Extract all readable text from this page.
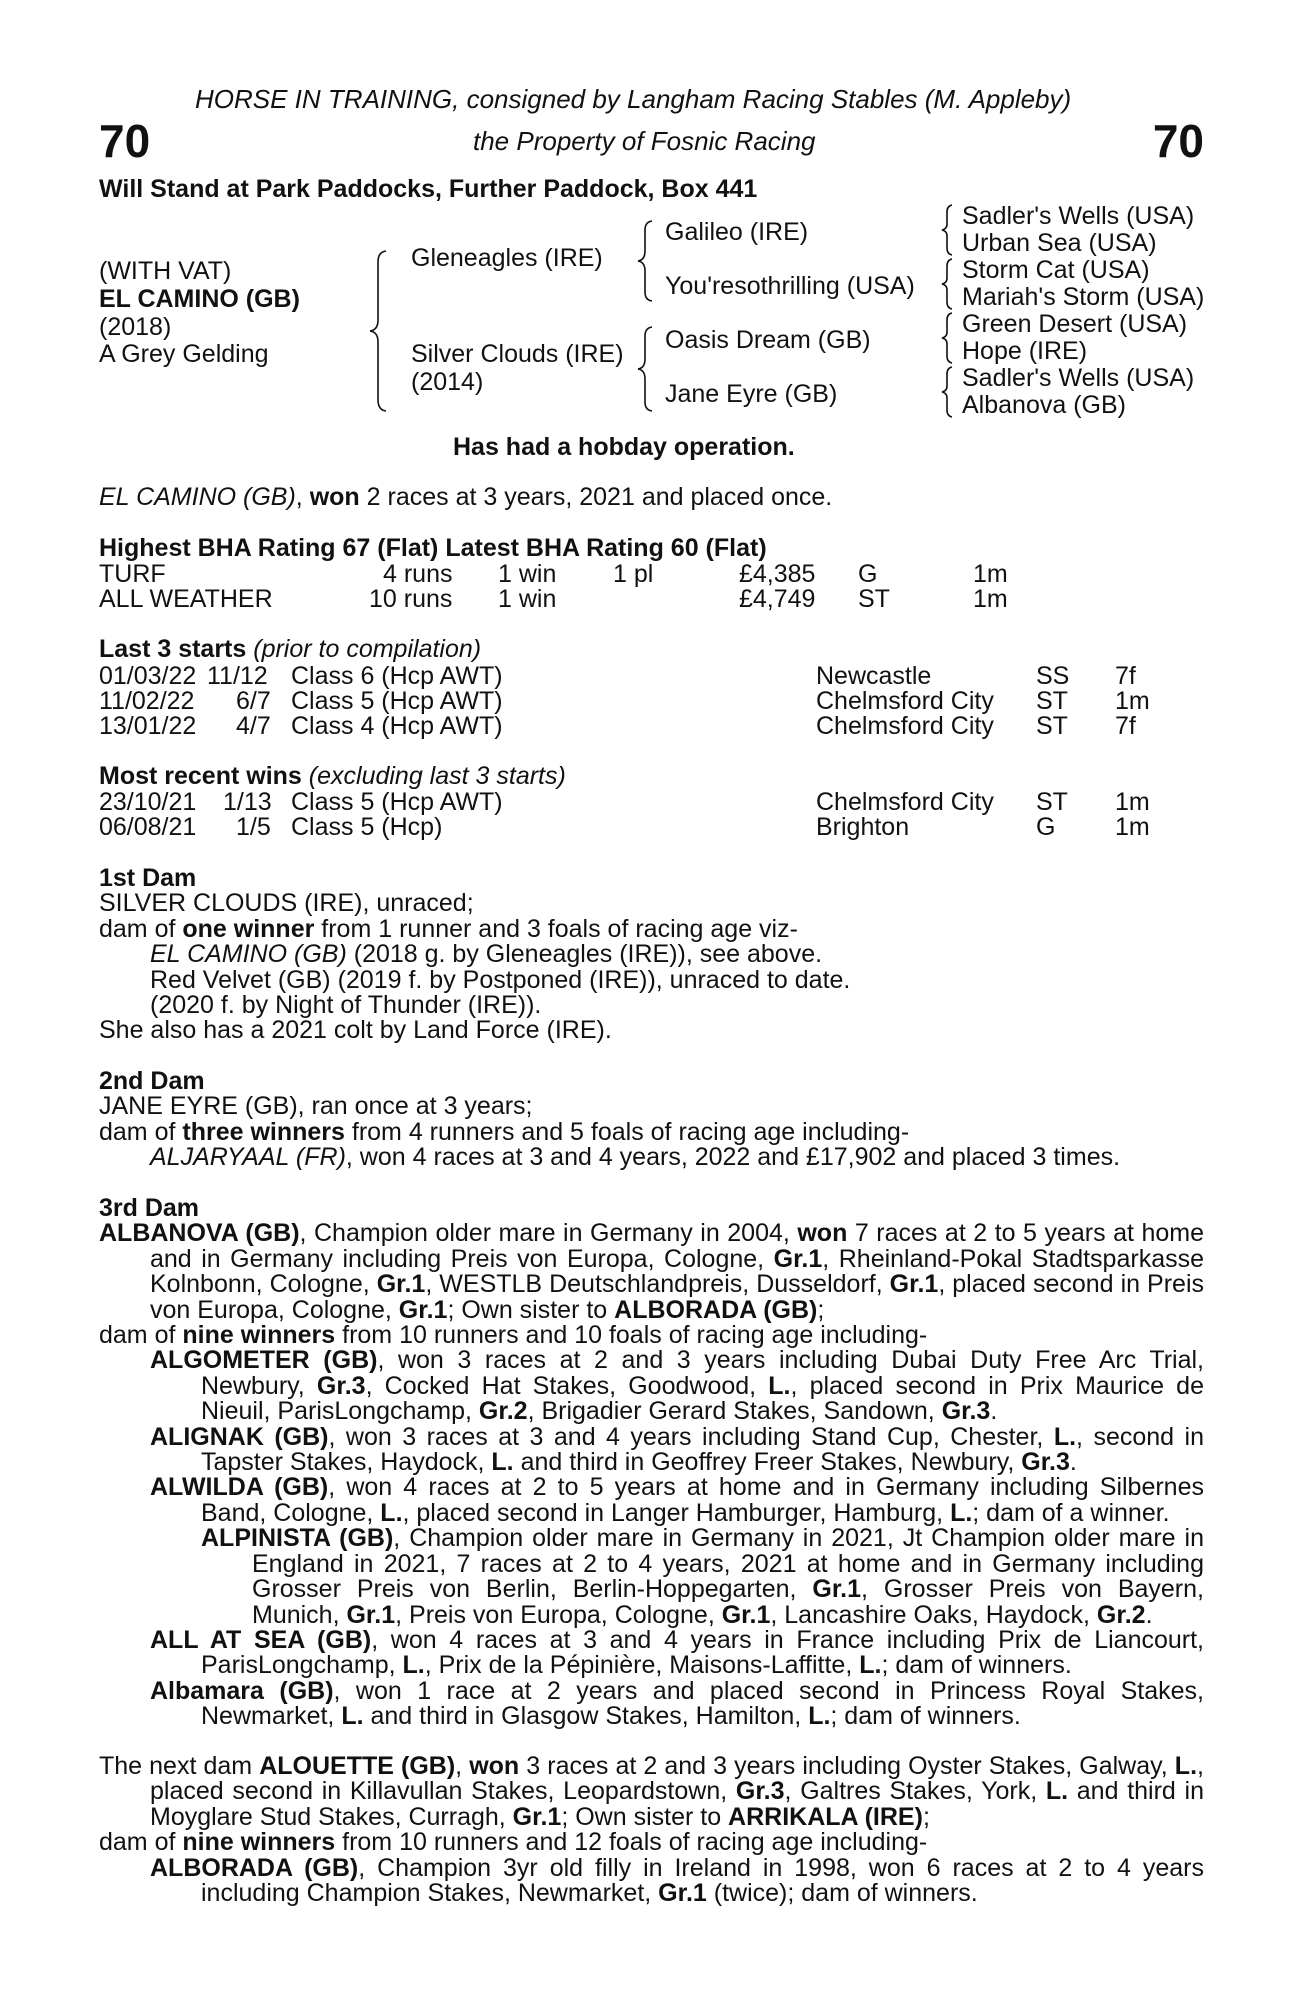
HORSE IN TRAINING, consigned by Langham Racing Stables (M. Appleby)
70	70
the Property of Fosnic Racing
Will Stand at Park Paddocks, Further Paddock, Box 441
(WITH VAT)
EL CAMINO (GB)
(2018)
A Grey Gelding
Gleneagles (IRE)
Silver Clouds (IRE)
(2014)
Galileo (IRE)
You'resothrilling (USA)
Oasis Dream (GB)
Jane Eyre (GB)
Sadler's Wells (USA)
Urban Sea (USA)
Storm Cat (USA)
Mariah's Storm (USA)
Green Desert (USA)
Hope (IRE)
Sadler's Wells (USA)
Albanova (GB)
Has had a hobday operation.
EL CAMINO (GB), won 2 races at 3 years, 2021 and placed once.
Highest BHA Rating 67 (Flat) Latest BHA Rating 60 (Flat)
TURF	4 runs 1 win 1 pl	£4,385 G	1m
ALL WEATHER	10 runs 1 win	£4,749 ST	1m
Last 3 starts (prior to compilation)
01/03/22 11/12 Class 6 (Hcp AWT)	Newcastle	SS 7f
11/02/22 6/7 Class 5 (Hcp AWT)	Chelmsford City ST 1m
13/01/22 4/7 Class 4 (Hcp AWT)	Chelmsford City ST 7f
Most recent wins (excluding last 3 starts)
23/10/21 1/13 Class 5 (Hcp AWT)	Chelmsford City ST 1m
06/08/21 1/5 Class 5 (Hcp)	Brighton	G 1m

1st Dam

SILVER CLOUDS (IRE), unraced;

dam of one winner from 1 runner and 3 foals of racing age viz-

EL CAMINO (GB) (2018 g. by Gleneagles (IRE)), see above.

Red Velvet (GB) (2019 f. by Postponed (IRE)), unraced to date.

(2020 f. by Night of Thunder (IRE)).

She also has a 2021 colt by Land Force (IRE).

2nd Dam

JANE EYRE (GB), ran once at 3 years;

dam of three winners from 4 runners and 5 foals of racing age including-

ALJARYAAL (FR), won 4 races at 3 and 4 years, 2022 and £17,902 and placed 3 times.

3rd Dam

ALBANOVA (GB), Champion older mare in Germany in 2004, won 7 races at 2 to 5 years at home and in Germany including Preis von Europa, Cologne, Gr.1, Rheinland-Pokal Stadtsparkasse Kolnbonn, Cologne, Gr.1, WESTLB Deutschlandpreis, Dusseldorf, Gr.1, placed second in Preis von Europa, Cologne, Gr.1; Own sister to ALBORADA (GB);

dam of nine winners from 10 runners and 10 foals of racing age including-

ALGOMETER (GB), won 3 races at 2 and 3 years including Dubai Duty Free Arc Trial, Newbury, Gr.3, Cocked Hat Stakes, Goodwood, L., placed second in Prix Maurice de Nieuil, ParisLongchamp, Gr.2, Brigadier Gerard Stakes, Sandown, Gr.3.

ALIGNAK (GB), won 3 races at 3 and 4 years including Stand Cup, Chester, L., second in Tapster Stakes, Haydock, L. and third in Geoffrey Freer Stakes, Newbury, Gr.3.

ALWILDA (GB), won 4 races at 2 to 5 years at home and in Germany including Silbernes Band, Cologne, L., placed second in Langer Hamburger, Hamburg, L.; dam of a winner.

ALPINISTA (GB), Champion older mare in Germany in 2021, Jt Champion older mare in England in 2021, 7 races at 2 to 4 years, 2021 at home and in Germany including Grosser Preis von Berlin, Berlin-Hoppegarten, Gr.1, Grosser Preis von Bayern, Munich, Gr.1, Preis von Europa, Cologne, Gr.1, Lancashire Oaks, Haydock, Gr.2.

ALL AT SEA (GB), won 4 races at 3 and 4 years in France including Prix de Liancourt, ParisLongchamp, L., Prix de la Pépinière, Maisons-Laffitte, L.; dam of winners.

Albamara (GB), won 1 race at 2 years and placed second in Princess Royal Stakes, Newmarket, L. and third in Glasgow Stakes, Hamilton, L.; dam of winners.

The next dam ALOUETTE (GB), won 3 races at 2 and 3 years including Oyster Stakes, Galway, L., placed second in Killavullan Stakes, Leopardstown, Gr.3, Galtres Stakes, York, L. and third in Moyglare Stud Stakes, Curragh, Gr.1; Own sister to ARRIKALA (IRE);

dam of nine winners from 10 runners and 12 foals of racing age including-

ALBORADA (GB), Champion 3yr old filly in Ireland in 1998, won 6 races at 2 to 4 years including Champion Stakes, Newmarket, Gr.1 (twice); dam of winners.
